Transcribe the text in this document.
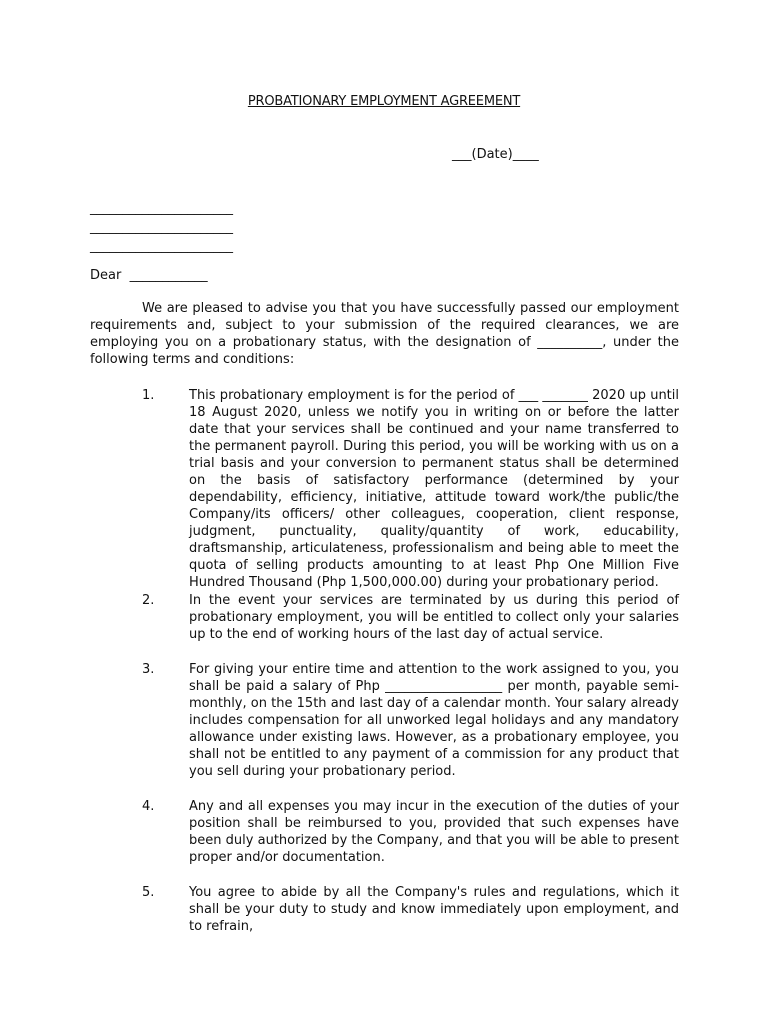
PROBATIONARY EMPLOYMENT AGREEMENT
___(Date)____
______________________
______________________
______________________
Dear  ____________
We are pleased to advise you that you have successfully passed our employment requirements and, subject to your submission of the required clearances, we are employing you on a probationary status, with the designation of __________, under the following terms and conditions:
1.	This probationary employment is for the period of ___ _______ 2020 up until 18 August 2020, unless we notify you in writing on or before the latter date that your services shall be continued and your name transferred to the permanent payroll. During this period, you will be working with us on a trial basis and your conversion to permanent status shall be determined on the basis of satisfactory performance (determined by your dependability, efficiency, initiative, attitude toward work/the public/the Company/its officers/ other colleagues, cooperation, client response, judgment, punctuality, quality/quantity of work, educability, draftsmanship, articulateness, professionalism and being able to meet the quota of selling products amounting to at least Php One Million Five Hundred Thousand (Php 1,500,000.00) during your probationary period.
2.	In the event your services are terminated by us during this period of probationary employment, you will be entitled to collect only your salaries up to the end of working hours of the last day of actual service.
3.	For giving your entire time and attention to the work assigned to you, you shall be paid a salary of Php __________________ per month, payable semi-monthly, on the 15th and last day of a calendar month. Your salary already includes compensation for all unworked legal holidays and any mandatory allowance under existing laws. However, as a probationary employee, you shall not be entitled to any payment of a commission for any product that you sell during your probationary period.
4.	Any and all expenses you may incur in the execution of the duties of your position shall be reimbursed to you, provided that such expenses have been duly authorized by the Company, and that you will be able to present proper and/or documentation.
5.	You agree to abide by all the Company's rules and regulations, which it shall be your duty to study and know immediately upon employment, and to refrain,
